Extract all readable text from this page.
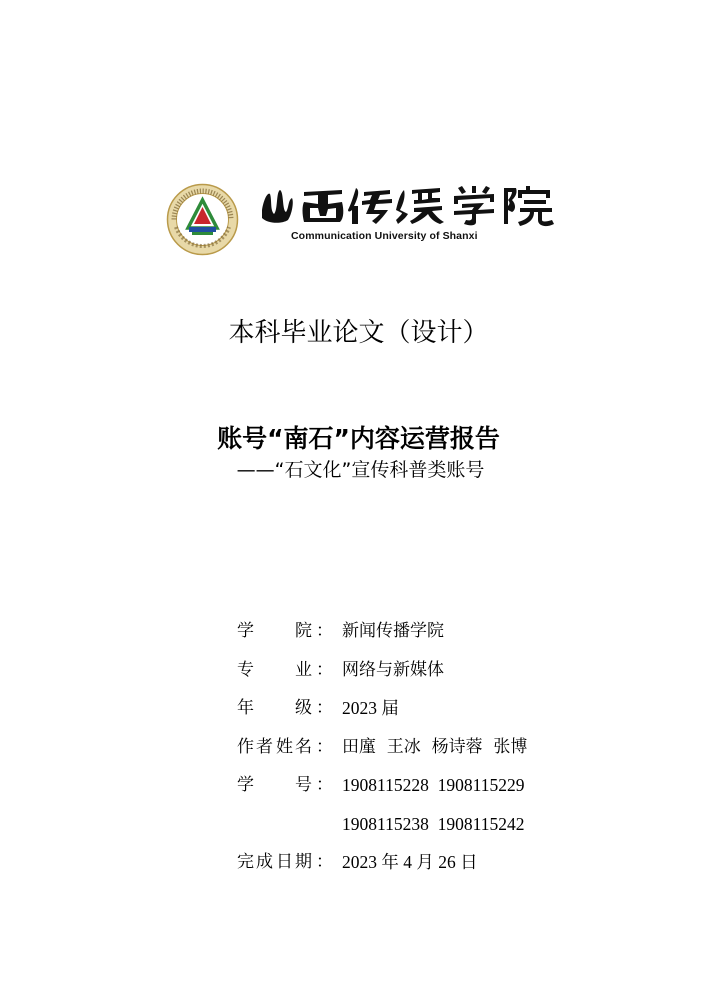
Communication University of Shanxi
本科毕业论文（设计）
账号“南石”内容运营报告
——“石文化”宣传科普类账号
学 院 ： 新闻传播学院
专 业 ： 网络与新媒体
年 级 ： 2023 届
作 者 姓 名 ： 田廑  王冰  杨诗蓉  张博
学 号 ： 1908115228  1908115229
1908115238  1908115242
完 成 日 期 ： 2023 年 4 月 26 日
